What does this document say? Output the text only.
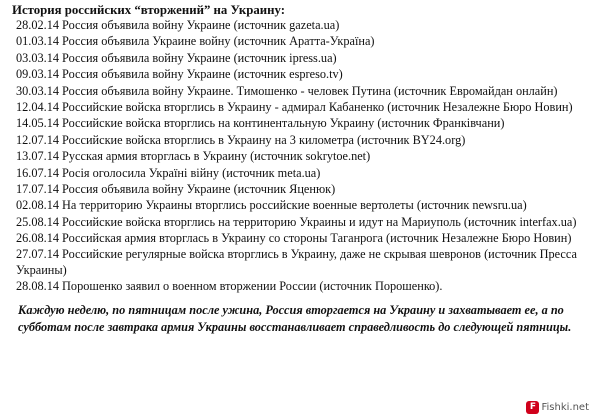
История российских “вторжений” на Украину:
28.02.14 Россия объявила войну Украине (источник gazeta.ua)
01.03.14 Россия объявила Украине войну (источник Аратта-Україна)
03.03.14 Россия объявила войну Украине (источник ipress.ua)
09.03.14 Россия объявила войну Украине (источник espreso.tv)
30.03.14 Россия объявила войну Украине. Тимошенко - человек Путина (источник Евромайдан онлайн)
12.04.14 Российские войска вторглись в Украину - адмирал Кабаненко (источник Незалежне Бюро Новин)
14.05.14 Российские войска вторглись на континентальную Украину (источник Франківчани)
12.07.14 Российские войска вторглись в Украину на 3 километра (источник BY24.org)
13.07.14 Русская армия вторглась в Украину (источник sokrytoe.net)
16.07.14 Росія оголосила Україні війну (источник meta.ua)
17.07.14 Россия объявила войну Украине (источник Яценюк)
02.08.14 На территорию Украины вторглись российские военные вертолеты (источник newsru.ua)
25.08.14 Российские войска вторглись на территорию Украины и идут на Мариуполь (источник interfax.ua)
26.08.14 Российская армия вторглась в Украину со стороны Таганрога (источник Незалежне Бюро Новин)
27.07.14 Российские регулярные войска вторглись в Украину, даже не скрывая шевронов (источник Пресса Украины)
28.08.14 Порошенко заявил о военном вторжении России (источник Порошенко).
Каждую неделю, по пятницам после ужина, Россия вторгается на Украину и захватывает ее, а по субботам после завтрака армия Украины восстанавливает справедливость до следующей пятницы.
F Fishki.net
